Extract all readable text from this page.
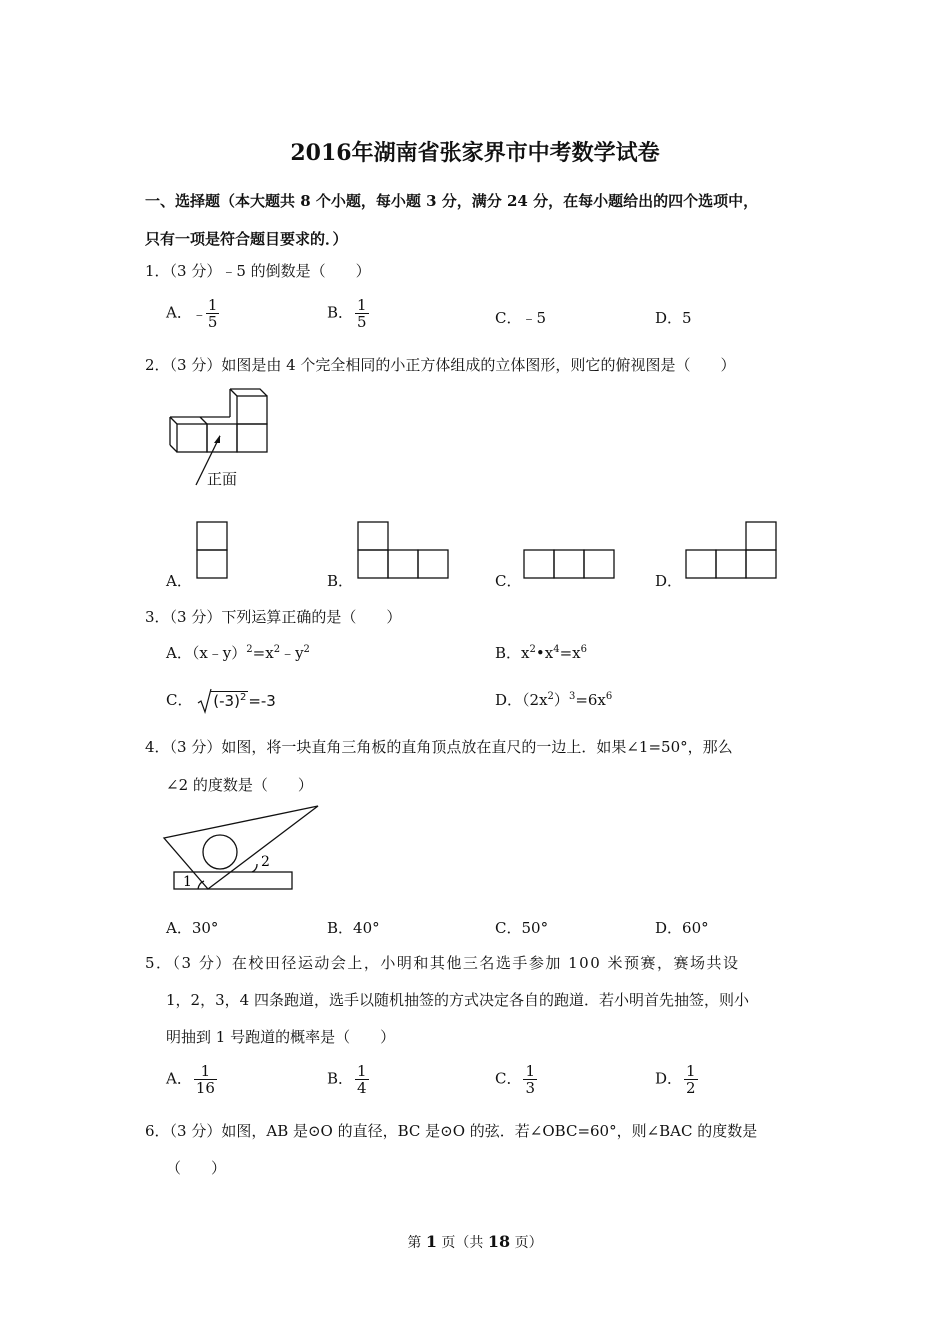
2016年湖南省张家界市中考数学试卷
一、选择题（本大题共 8 个小题，每小题 3 分，满分 24 分，在每小题给出的四个选项中，
只有一项是符合题目要求的．）
1．（3 分）﹣5 的倒数是（　　）
A．﹣ $\frac{1}{5}$	B． $\frac{1}{5}$	C．﹣5	D．5
2．（3 分）如图是由 4 个完全相同的小正方体组成的立体图形，则它的俯视图是（　　）
正面
A．	B．	C．	D．
3．（3 分）下列运算正确的是（　　）
A．$(x﹣y)^2=x^2﹣y^2$	B．$x^2•x^4=x^6$
C． $(-3)^2 =-3$	D．$(2x^2)^3=6x^6$
4．（3 分）如图，将一块直角三角板的直角顶点放在直尺的一边上．如果∠1=50°，那么
∠2 的度数是（　　）
1
2
A．30°	B．40°	C．50°	D．60°
5．（3 分）在校田径运动会上，小明和其他三名选手参加 100 米预赛，赛场共设
1，2，3，4 四条跑道，选手以随机抽签的方式决定各自的跑道．若小明首先抽签，则小
明抽到 1 号跑道的概率是（　　）
A． $\frac{1}{16}$	B． $\frac{1}{4}$	C． $\frac{1}{3}$	D． $\frac{1}{2}$
6．（3 分）如图，AB 是⊙O 的直径，BC 是⊙O 的弦．若∠OBC=60°，则∠BAC 的度数是
（　　）
第 1 页（共 18 页）
